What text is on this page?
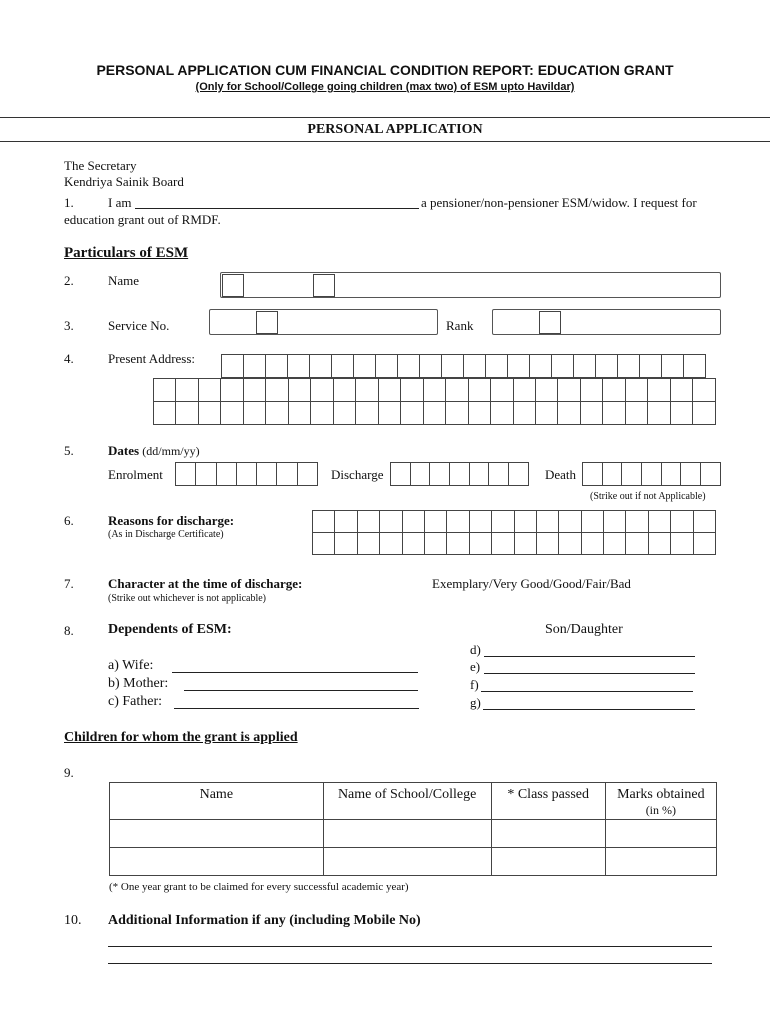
PERSONAL APPLICATION CUM FINANCIAL CONDITION REPORT: EDUCATION GRANT
(Only for School/College going children (max two) of ESM upto Havildar)
PERSONAL APPLICATION
The Secretary
Kendriya Sainik Board
1.	I am	a pensioner/non-pensioner ESM/widow. I request for
education grant out of RMDF.
Particulars of ESM
2.	Name
3.	Service No.	Rank
4.	Present Address:
5.	Dates (dd/mm/yy)
Enrolment	Discharge	Death
(Strike out if not Applicable)
6.	Reasons for discharge:
(As in Discharge Certificate)
7.	Character at the time of discharge:	Exemplary/Very Good/Good/Fair/Bad
(Strike out whichever is not applicable)
8. Dependents of ESM:	Son/Daughter
d)
a) Wife:	e)
b) Mother:	f)
c) Father:	g)
Children for whom the grant is applied
9.
Name	Name of School/College	* Class passed	Marks obtained
(in %)

(* One year grant to be claimed for every successful academic year)
10. Additional Information if any (including Mobile No)
